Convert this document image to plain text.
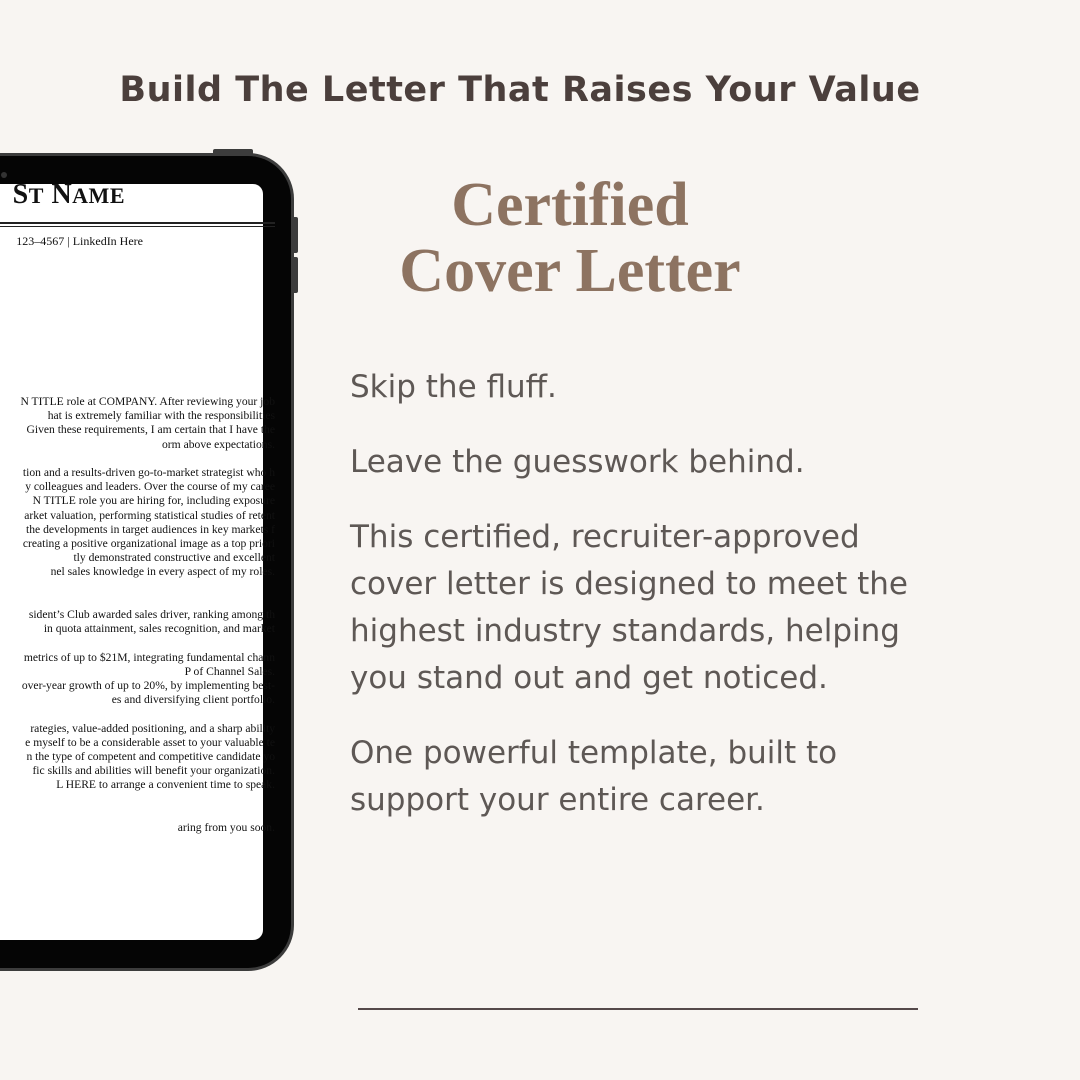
Build The Letter That Raises Your Value
ST NAME
123–4567 | LinkedIn Here
N TITLE role at COMPANY. After reviewing your job
hat is extremely familiar with the responsibilities
Given these requirements, I am certain that I have the
orm above expectations.
tion and a results-driven go-to-market strategist who h
y colleagues and leaders. Over the course of my caree
N TITLE role you are hiring for, including exposure
arket valuation, performing statistical studies of retent
the developments in target audiences in key markets f
creating a positive organizational image as a top priori
tly demonstrated constructive and excellent
nel sales knowledge in every aspect of my roles.
sident’s Club awarded sales driver, ranking among th
in quota attainment, sales recognition, and market
metrics of up to $21M, integrating fundamental chann
P of Channel Sales.
over-year growth of up to 20%, by implementing best-
es and diversifying client portfolio.
rategies, value-added positioning, and a sharp ability
e myself to be a considerable asset to your valuable te
n the type of competent and competitive candidate yo
fic skills and abilities will benefit your organization.
L HERE to arrange a convenient time to speak.
aring from you soon.
Certified
Cover Letter

Skip the fluff.

Leave the guesswork behind.

This certified, recruiter-approved cover letter is designed to meet the highest industry standards, helping you stand out and get noticed.

One powerful template, built to support your entire career.
